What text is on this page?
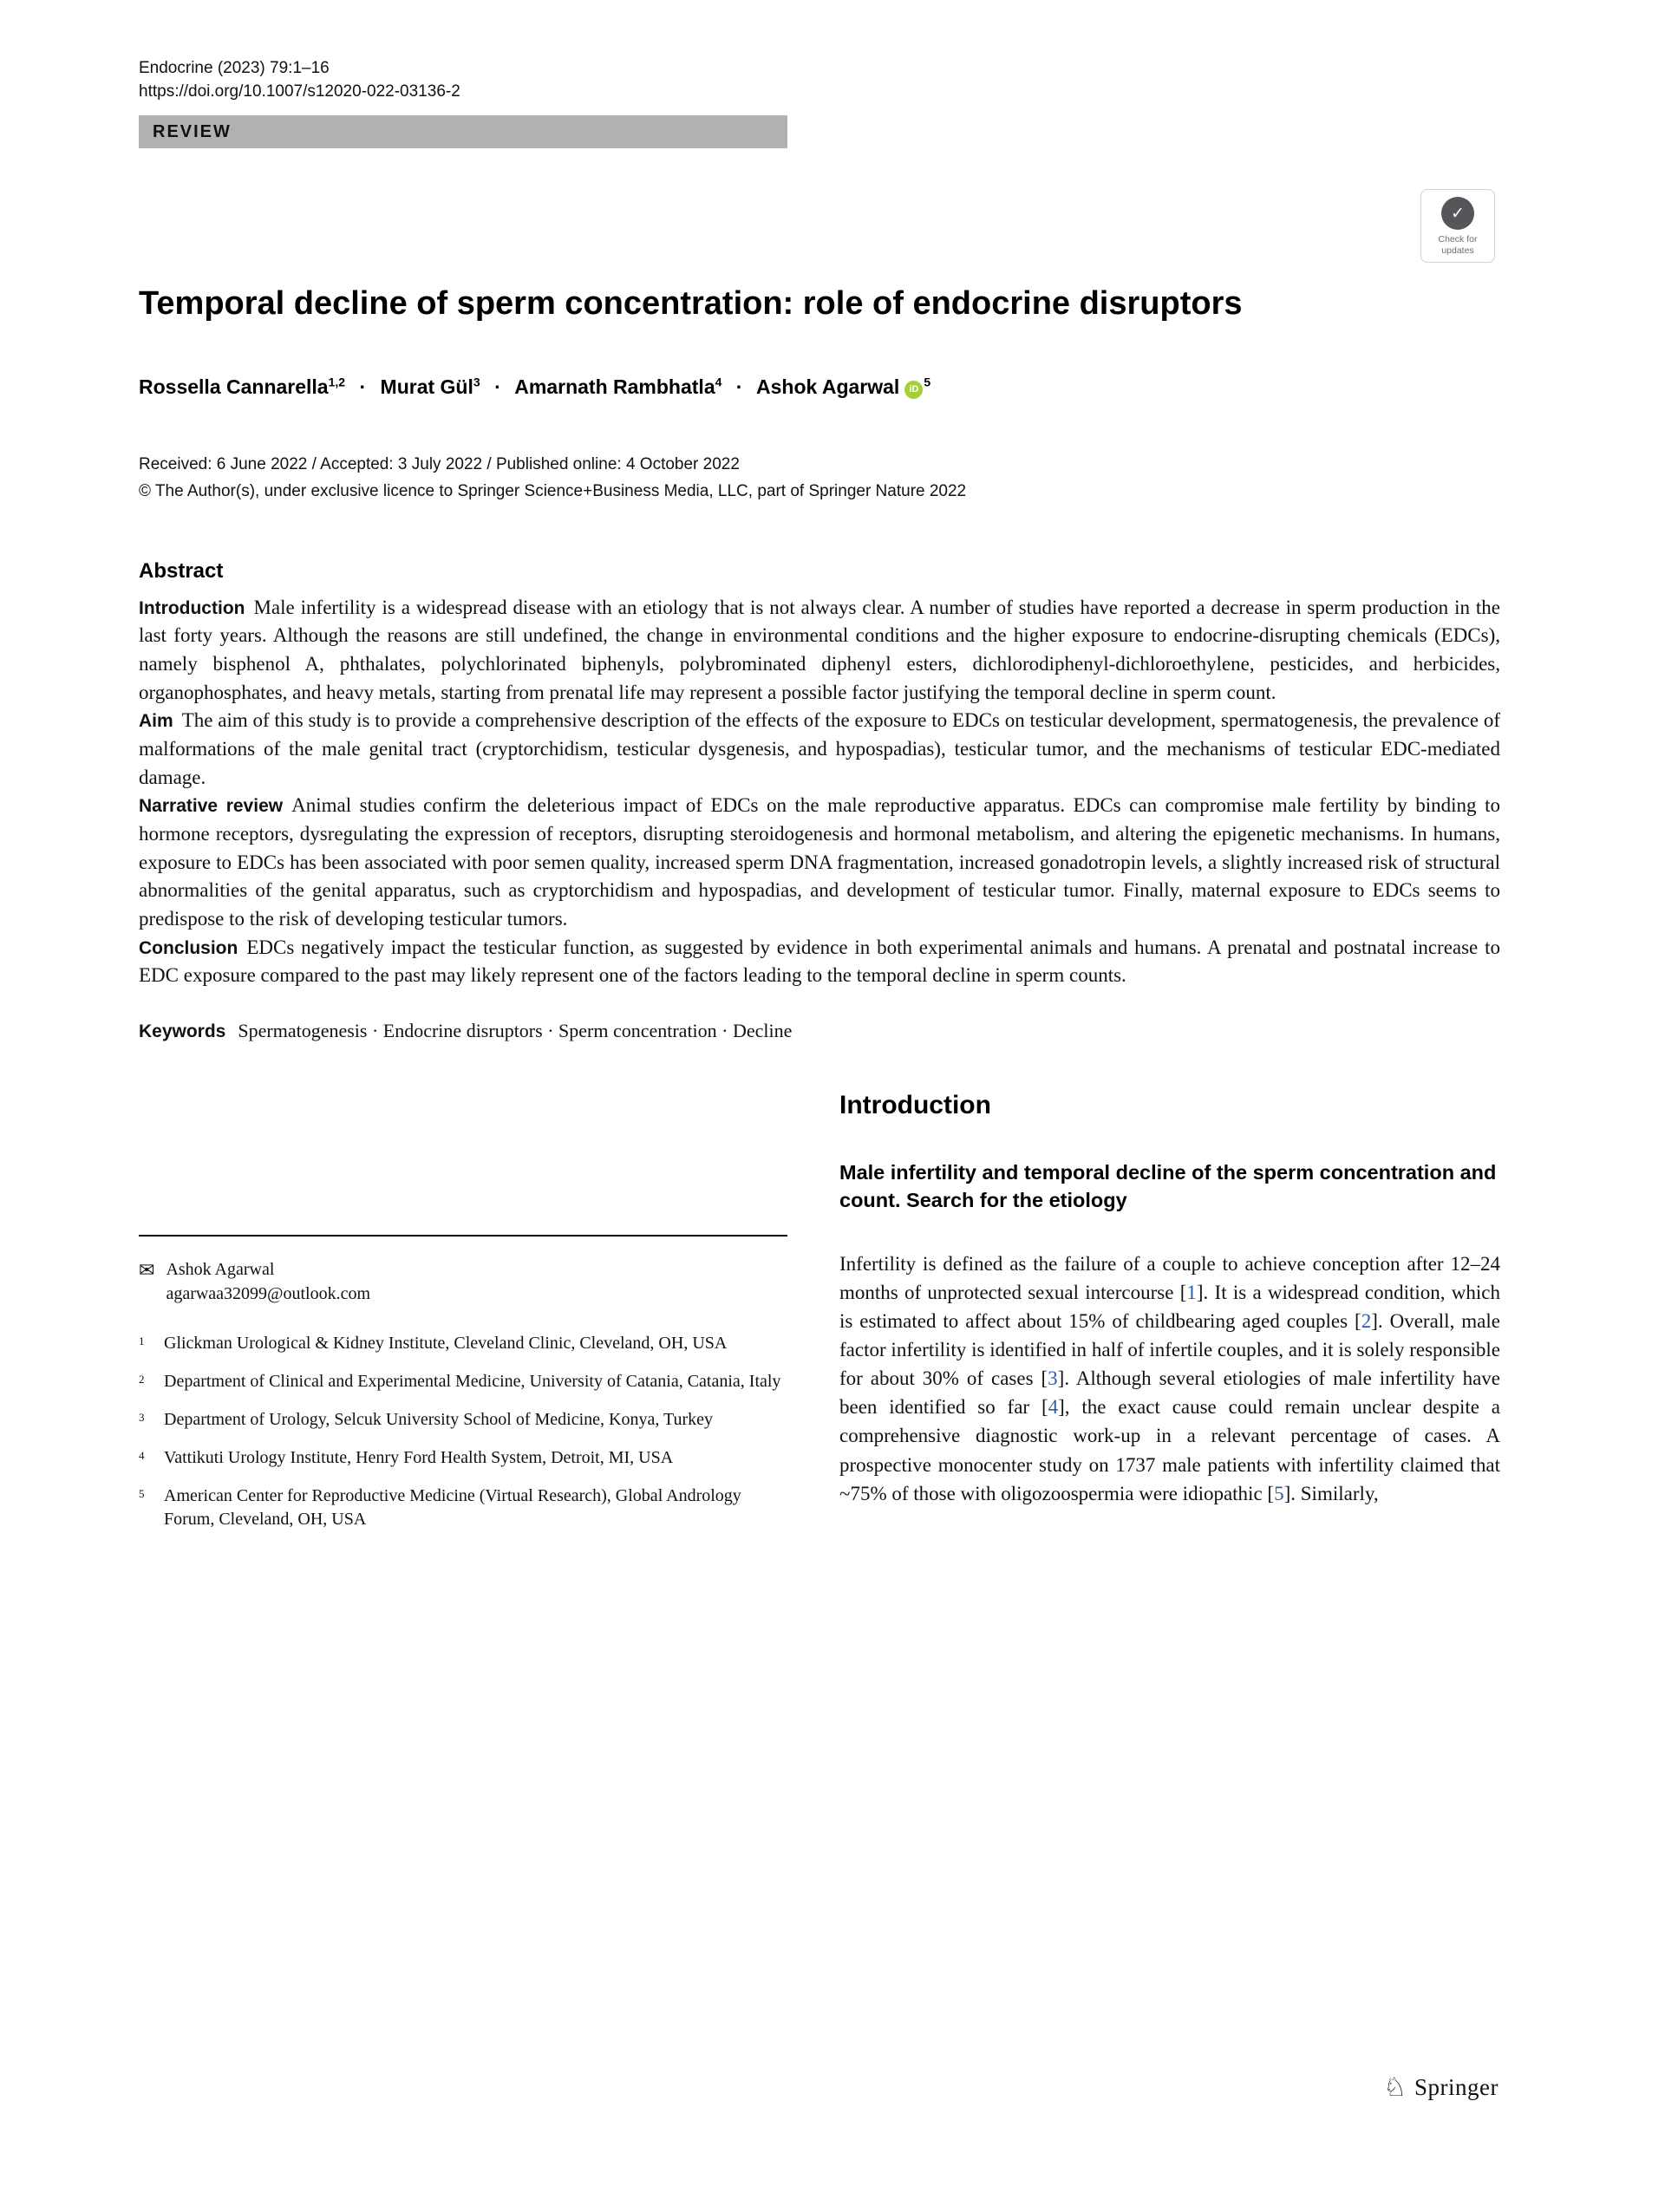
Endocrine (2023) 79:1–16
https://doi.org/10.1007/s12020-022-03136-2
REVIEW
✓
Check for updates
Temporal decline of sperm concentration: role of endocrine disruptors
Rossella Cannarella$^{1,2}$ · Murat Gül$^3$ · Amarnath Rambhatla$^4$ · Ashok Agarwal $iD^5$
Received: 6 June 2022 / Accepted: 3 July 2022 / Published online: 4 October 2022
© The Author(s), under exclusive licence to Springer Science+Business Media, LLC, part of Springer Nature 2022
Abstract

Introduction Male infertility is a widespread disease with an etiology that is not always clear. A number of studies have reported a decrease in sperm production in the last forty years. Although the reasons are still undefined, the change in environmental conditions and the higher exposure to endocrine-disrupting chemicals (EDCs), namely bisphenol A, phthalates, polychlorinated biphenyls, polybrominated diphenyl esters, dichlorodiphenyl-dichloroethylene, pesticides, and herbicides, organophosphates, and heavy metals, starting from prenatal life may represent a possible factor justifying the temporal decline in sperm count.

Aim The aim of this study is to provide a comprehensive description of the effects of the exposure to EDCs on testicular development, spermatogenesis, the prevalence of malformations of the male genital tract (cryptorchidism, testicular dysgenesis, and hypospadias), testicular tumor, and the mechanisms of testicular EDC-mediated damage.

Narrative review Animal studies confirm the deleterious impact of EDCs on the male reproductive apparatus. EDCs can compromise male fertility by binding to hormone receptors, dysregulating the expression of receptors, disrupting steroidogenesis and hormonal metabolism, and altering the epigenetic mechanisms. In humans, exposure to EDCs has been associated with poor semen quality, increased sperm DNA fragmentation, increased gonadotropin levels, a slightly increased risk of structural abnormalities of the genital apparatus, such as cryptorchidism and hypospadias, and development of testicular tumor. Finally, maternal exposure to EDCs seems to predispose to the risk of developing testicular tumors.

Conclusion EDCs negatively impact the testicular function, as suggested by evidence in both experimental animals and humans. A prenatal and postnatal increase to EDC exposure compared to the past may likely represent one of the factors leading to the temporal decline in sperm counts.

Keywords Spermatogenesis · Endocrine disruptors · Sperm concentration · Decline
✉ Ashok Agarwal
agarwaa32099@outlook.com
1 Glickman Urological & Kidney Institute, Cleveland Clinic, Cleveland, OH, USA
2 Department of Clinical and Experimental Medicine, University of Catania, Catania, Italy
3 Department of Urology, Selcuk University School of Medicine, Konya, Turkey
4 Vattikuti Urology Institute, Henry Ford Health System, Detroit, MI, USA
5 American Center for Reproductive Medicine (Virtual Research), Global Andrology Forum, Cleveland, OH, USA
Introduction
Male infertility and temporal decline of the sperm concentration and count. Search for the etiology

Infertility is defined as the failure of a couple to achieve conception after 12–24 months of unprotected sexual intercourse [1]. It is a widespread condition, which is estimated to affect about 15% of childbearing aged couples [2]. Overall, male factor infertility is identified in half of infertile couples, and it is solely responsible for about 30% of cases [3]. Although several etiologies of male infertility have been identified so far [4], the exact cause could remain unclear despite a comprehensive diagnostic work-up in a relevant percentage of cases. A prospective monocenter study on 1737 male patients with infertility claimed that ~75% of those with oligozoospermia were idiopathic [5]. Similarly,

♘ Springer
